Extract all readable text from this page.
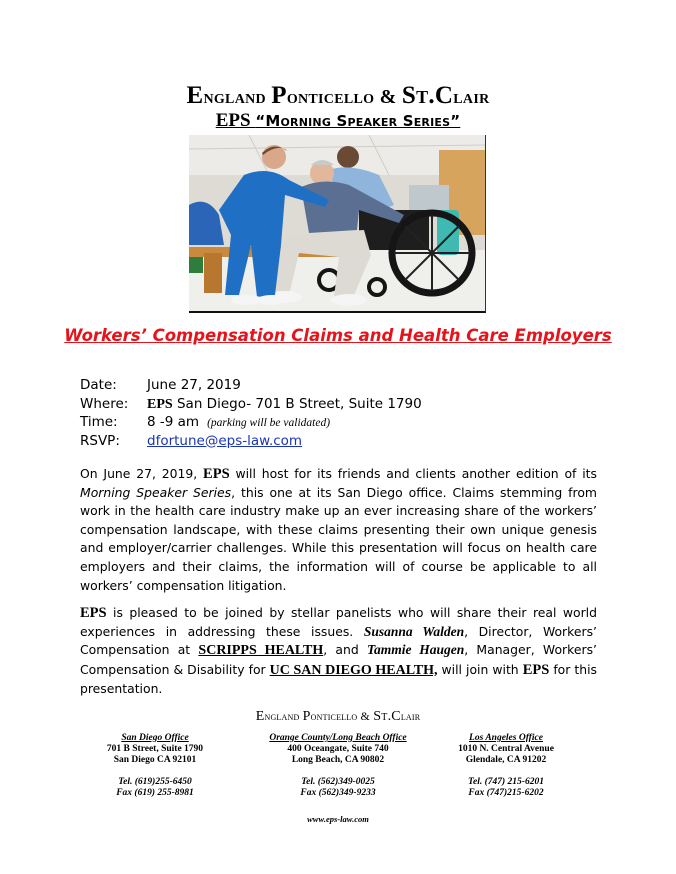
England Ponticello & St.Clair
EPS “Morning Speaker Series”
Workers’ Compensation Claims and Health Care Employers
Date: June 27, 2019
Where: EPS San Diego- 701 B Street, Suite 1790
Time: 8 -9 am (parking will be validated)
RSVP: dfortune@eps-law.com
On June 27, 2019, EPS will host for its friends and clients another edition of its Morning Speaker Series, this one at its San Diego office. Claims stemming from work in the health care industry make up an ever increasing share of the workers’ compensation landscape, with these claims presenting their own unique genesis and employer/carrier challenges. While this presentation will focus on health care employers and their claims, the information will of course be applicable to all workers’ compensation litigation.
EPS is pleased to be joined by stellar panelists who will share their real world experiences in addressing these issues. Susanna Walden, Director, Workers’ Compensation at SCRIPPS HEALTH, and Tammie Haugen, Manager, Workers’ Compensation & Disability for UC SAN DIEGO HEALTH, will join with EPS for this presentation.
England Ponticello & St.Clair
San Diego Office
701 B Street, Suite 1790
San Diego CA 92101
Tel. (619)255-6450
Fax (619) 255-8981
Orange County/Long Beach Office
400 Oceangate, Suite 740
Long Beach, CA 90802
Tel. (562)349-0025
Fax (562)349-9233
Los Angeles Office
1010 N. Central Avenue
Glendale, CA 91202
Tel. (747) 215-6201
Fax (747)215-6202
www.eps-law.com
